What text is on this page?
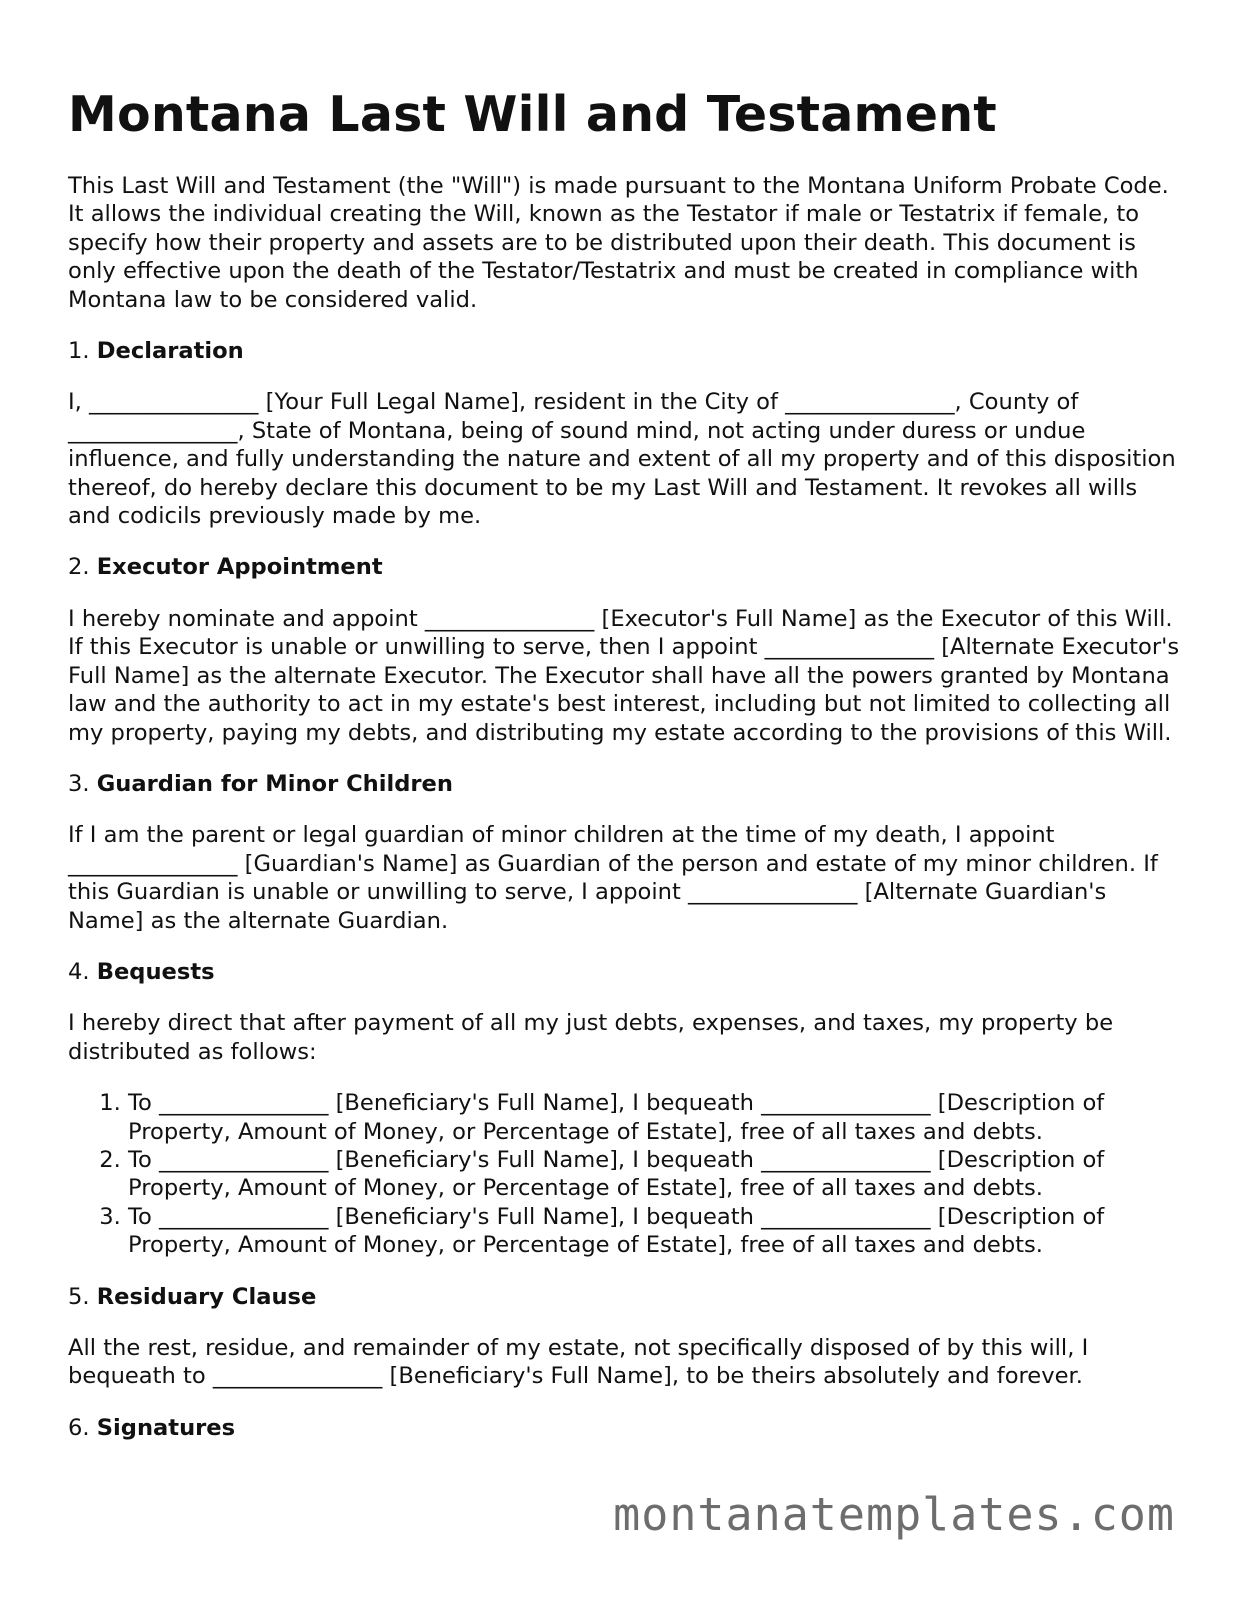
Montana Last Will and Testament

This Last Will and Testament (the "Will") is made pursuant to the Montana Uniform Probate Code. It allows the individual creating the Will, known as the Testator if male or Testatrix if female, to specify how their property and assets are to be distributed upon their death. This document is only effective upon the death of the Testator/Testatrix and must be created in compliance with Montana law to be considered valid.

1. Declaration

I, _______________ [Your Full Legal Name], resident in the City of _______________, County of _______________, State of Montana, being of sound mind, not acting under duress or undue influence, and fully understanding the nature and extent of all my property and of this disposition thereof, do hereby declare this document to be my Last Will and Testament. It revokes all wills and codicils previously made by me.

2. Executor Appointment

I hereby nominate and appoint _______________ [Executor's Full Name] as the Executor of this Will. If this Executor is unable or unwilling to serve, then I appoint _______________ [Alternate Executor's Full Name] as the alternate Executor. The Executor shall have all the powers granted by Montana law and the authority to act in my estate's best interest, including but not limited to collecting all my property, paying my debts, and distributing my estate according to the provisions of this Will.

3. Guardian for Minor Children

If I am the parent or legal guardian of minor children at the time of my death, I appoint _______________ [Guardian's Name] as Guardian of the person and estate of my minor children. If this Guardian is unable or unwilling to serve, I appoint _______________ [Alternate Guardian's Name] as the alternate Guardian.

4. Bequests

I hereby direct that after payment of all my just debts, expenses, and taxes, my property be distributed as follows:

1. To _______________ [Beneficiary's Full Name], I bequeath _______________ [Description of Property, Amount of Money, or Percentage of Estate], free of all taxes and debts.
2. To _______________ [Beneficiary's Full Name], I bequeath _______________ [Description of Property, Amount of Money, or Percentage of Estate], free of all taxes and debts.
3. To _______________ [Beneficiary's Full Name], I bequeath _______________ [Description of Property, Amount of Money, or Percentage of Estate], free of all taxes and debts.

5. Residuary Clause

All the rest, residue, and remainder of my estate, not specifically disposed of by this will, I bequeath to _______________ [Beneficiary's Full Name], to be theirs absolutely and forever.

6. Signatures

montanatemplates.com
